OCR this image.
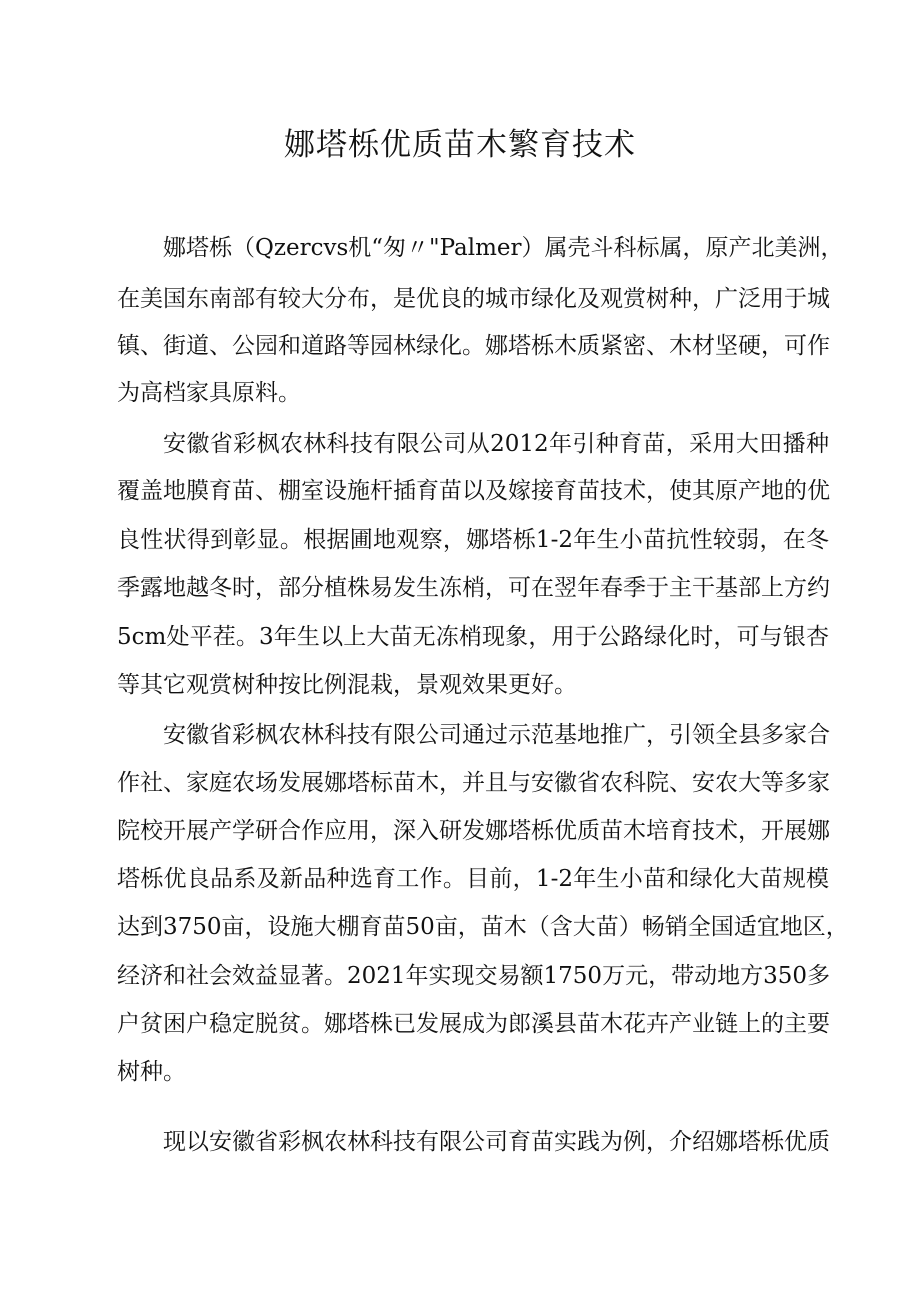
娜塔栎优质苗木繁育技术
娜塔栎（Qzercvs机“匆〃"Palmer）属壳斗科标属，原产北美洲，
在美国东南部有较大分布，是优良的城市绿化及观赏树种，广泛用于城
镇、街道、公园和道路等园林绿化。娜塔栎木质紧密、木材坚硬，可作
为高档家具原料。
安徽省彩枫农林科技有限公司从2012年引种育苗，采用大田播种
覆盖地膜育苗、棚室设施杆插育苗以及嫁接育苗技术，使其原产地的优
良性状得到彰显。根据圃地观察，娜塔栎1-2年生小苗抗性较弱，在冬
季露地越冬时，部分植株易发生冻梢，可在翌年春季于主干基部上方约
5cm处平茬。3年生以上大苗无冻梢现象，用于公路绿化时，可与银杏
等其它观赏树种按比例混栽，景观效果更好。
安徽省彩枫农林科技有限公司通过示范基地推广，引领全县多家合
作社、家庭农场发展娜塔标苗木，并且与安徽省农科院、安农大等多家
院校开展产学研合作应用，深入研发娜塔栎优质苗木培育技术，开展娜
塔栎优良品系及新品种选育工作。目前，1-2年生小苗和绿化大苗规模
达到3750亩，设施大棚育苗50亩，苗木（含大苗）畅销全国适宜地区，
经济和社会效益显著。2021年实现交易额1750万元，带动地方350多
户贫困户稳定脱贫。娜塔株已发展成为郎溪县苗木花卉产业链上的主要
树种。
现以安徽省彩枫农林科技有限公司育苗实践为例，介绍娜塔栎优质
